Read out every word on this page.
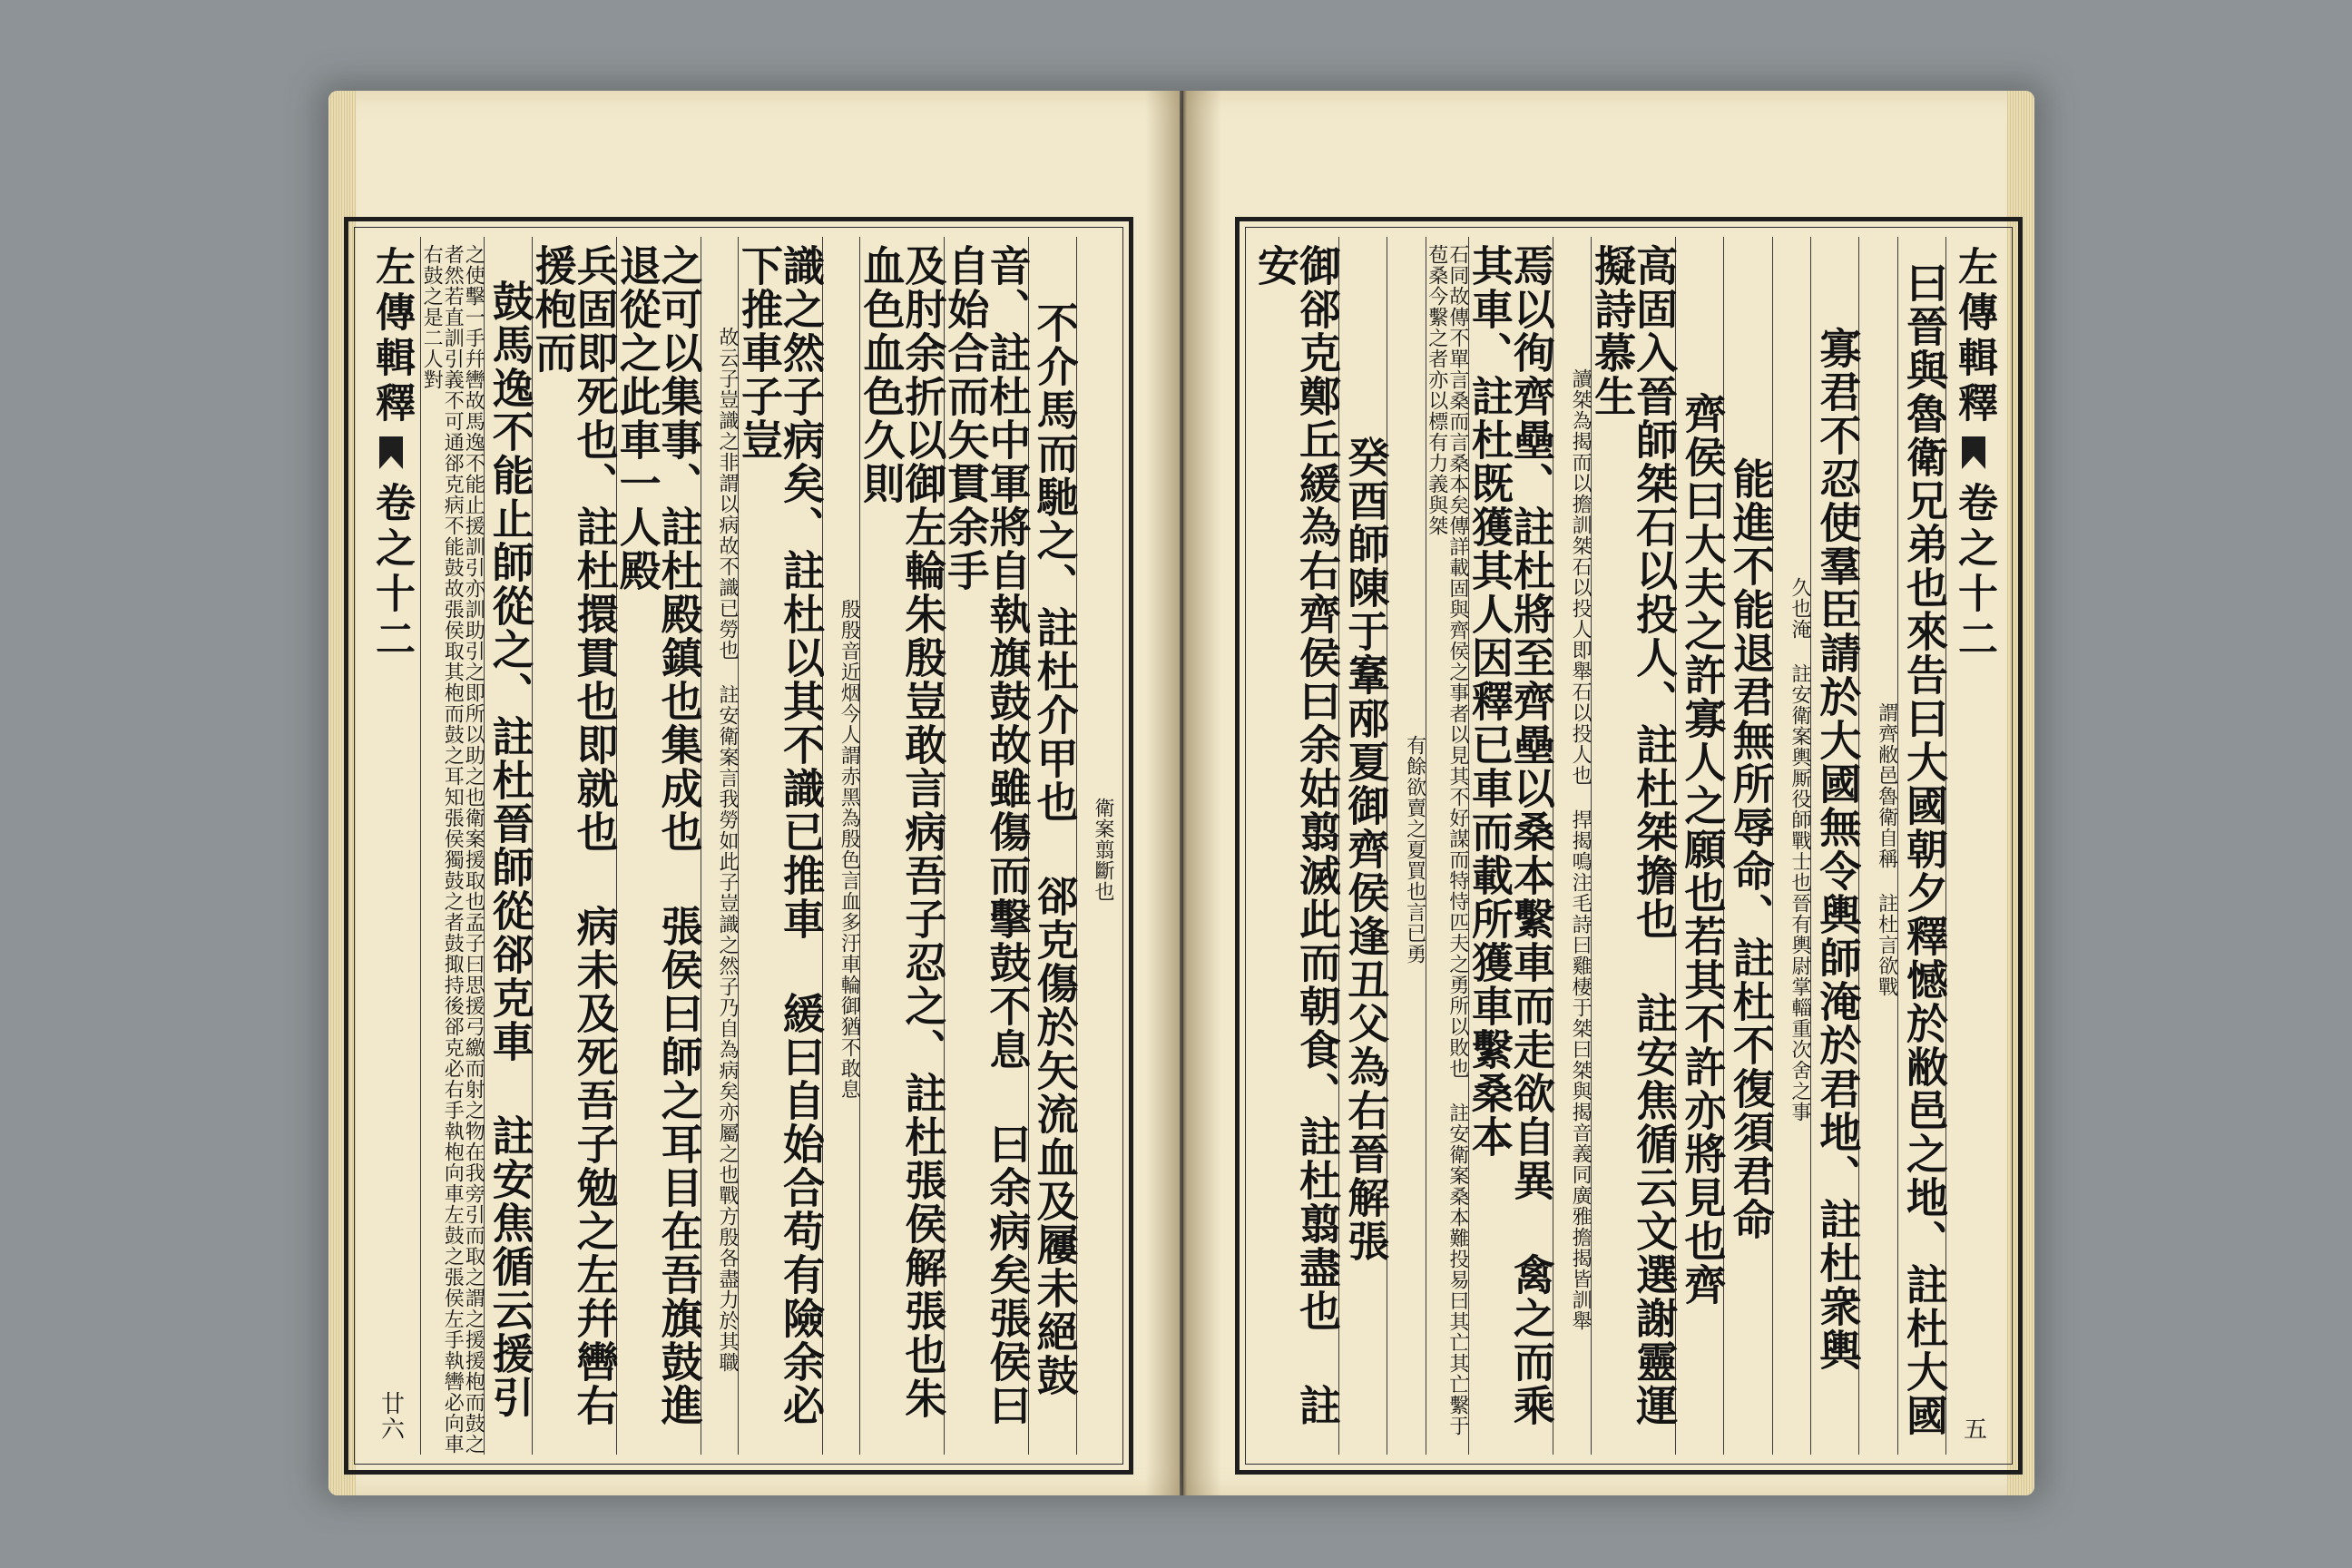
衛案翦斷也
不介馬而馳之、註杜介甲也 郤克傷於矢流血及屨未絕鼓
音、註杜中軍將自執旗鼓故雖傷而擊鼓不息 曰余病矣張侯曰自始合而矢貫余手
及肘余折以御左輪朱殷豈敢言病吾子忍之、註杜張侯解張也朱血色血色久則
殷殷音近烟今人謂赤黑為殷色言血多汙車輪御猶不敢息
識之然子病矣、註杜以其不識已推車 緩曰自始合苟有險余必下推車子豈
故云子豈識之非謂以病故不識已勞也 註安衛案言我勞如此子豈識之然子乃自為病矣亦屬之也戰方殷各盡力於其職
之可以集事、註杜殿鎮也集成也 張侯曰師之耳目在吾旗鼓進退從之此車一人殿
兵固即死也、註杜擐貫也即就也 病未及死吾子勉之左幷轡右援枹而
鼓馬逸不能止師從之、註杜晉師從郤克車 註安焦循云援引
之使擊一手幷轡故馬逸不能止援訓引亦訓助引之即所以助之也衛案援取也孟子曰思援弓繳而射之物在我旁引而取之謂之援援枹而鼓之者然若直訓引義不可通郤克病不能鼓故張侯取其枹而鼓之耳知張侯獨鼓之者鼓掫持後郤克必右手執枹向車左鼓之張侯左手執轡必向車右鼓之是二人對
左傳輯釋
卷之十二
廿六
左傳輯釋
卷之十二
五
曰晉與魯衛兄弟也來告曰大國朝夕釋憾於敝邑之地、註杜大國
謂齊敝邑魯衛自稱 註杜言欲戰
寡君不忍使羣臣請於大國無令輿師淹於君地、註杜衆輿
久也淹 註安衛案輿厮役師戰士也晉有輿尉掌輜重次舍之事
能進不能退君無所辱命、註杜不復須君命
齊侯曰大夫之許寡人之願也若其不許亦將見也齊
高固入晉師桀石以投人、註杜桀擔也 註安焦循云文選謝靈運擬詩慕生
讀桀為揭而以擔訓桀石以投人即舉石以投人也 捍揭鳴注毛詩曰雞棲于桀曰桀與揭音義同廣雅擔揭皆訓舉
焉以徇齊壘、註杜將至齊壘以桑本繫車而走欲自異 禽之而乘其車、註杜既獲其人因釋已車而載所獲車繫桑本
石同故傳不單言桑而言桑本矣傳詳載固與齊侯之事者以見其不好謀而特恃匹夫之勇所以敗也 註安衛案桑本難投易曰其亡其亡繫于苞桑今繫之者亦以標有力義與桀
有餘欲賣之夏買也言已勇
癸酉師陳于鞌邴夏御齊侯逢丑父為右晉解張
御郤克鄭丘緩為右齊侯曰余姑翦滅此而朝食、註杜翦盡也 註安
